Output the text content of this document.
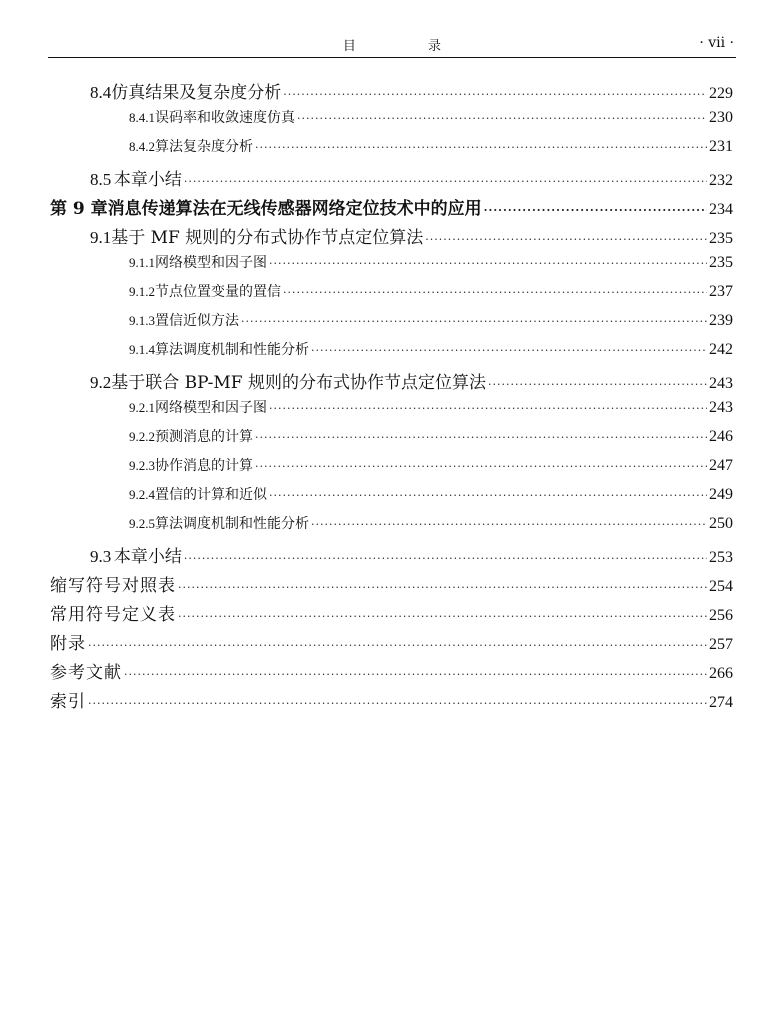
目 录	· vii ·
8.4 仿真结果及复杂度分析 ·····	229
8.4.1 误码率和收敛速度仿真 ·····	230
8.4.2 算法复杂度分析 ·····	231
8.5 本章小结 ·····	232
第 9 章 消息传递算法在无线传感器网络定位技术中的应用 ·····	234
9.1 基于 MF 规则的分布式协作节点定位算法 ·····	235
9.1.1 网络模型和因子图 ·····	235
9.1.2 节点位置变量的置信 ·····	237
9.1.3 置信近似方法 ·····	239
9.1.4 算法调度机制和性能分析 ·····	242
9.2 基于联合 BP-MF 规则的分布式协作节点定位算法 ·····	243
9.2.1 网络模型和因子图 ·····	243
9.2.2 预测消息的计算 ·····	246
9.2.3 协作消息的计算 ·····	247
9.2.4 置信的计算和近似 ·····	249
9.2.5 算法调度机制和性能分析 ·····	250
9.3 本章小结 ·····	253
缩写符号对照表 ·····	254
常用符号定义表 ·····	256
附录 ·····	257
参考文献 ·····	266
索引 ·····	274
